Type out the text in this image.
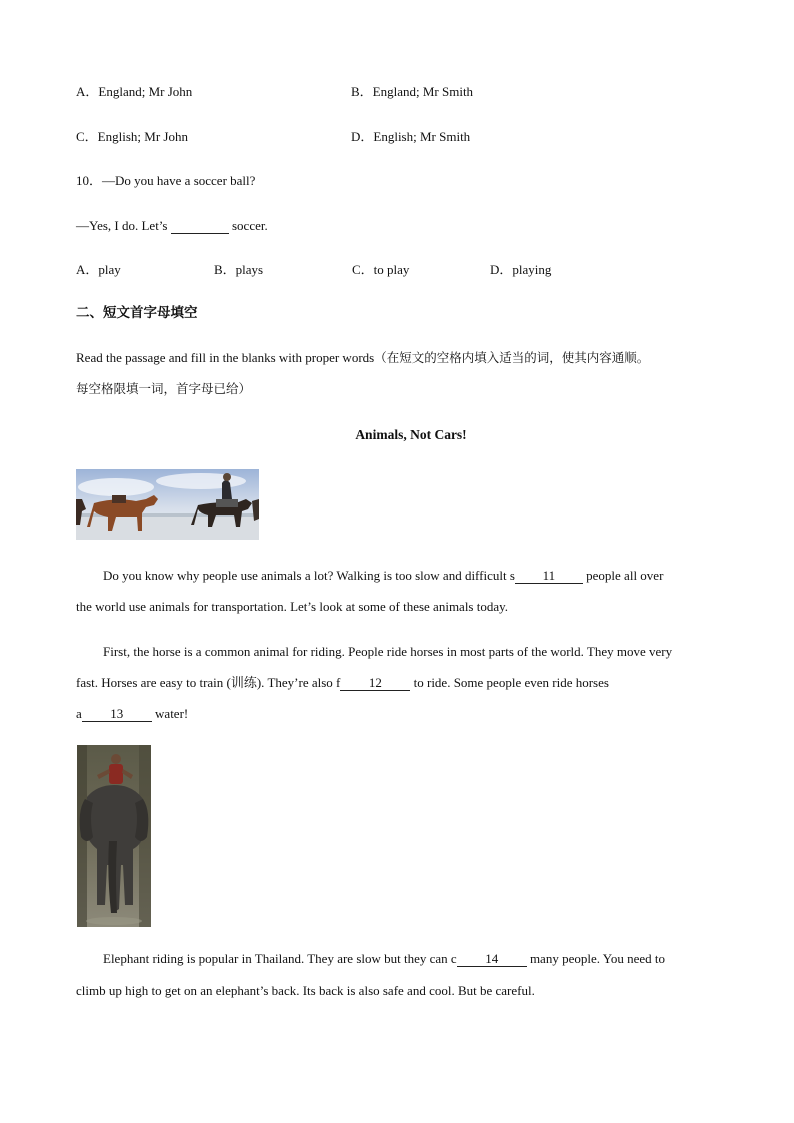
A．England; Mr John	B．England; Mr Smith
C．English; Mr John	D．English; Mr Smith
10．—Do you have a soccer ball?
—Yes, I do. Let’s	soccer.
A．play	B．plays	C．to play	D．playing
二、短文首字母填空
Read the passage and fill in the blanks with proper words（在短文的空格内填入适当的词，使其内容通顺。
每空格限填一词，首字母已给）
Animals, Not Cars!
Do you know why people use animals a lot? Walking is too slow and difficult s 11 people all over
the world use animals for transportation. Let’s look at some of these animals today.
First, the horse is a common animal for riding. People ride horses in most parts of the world. They move very
fast. Horses are easy to train (训练). They’re also f 12 to ride. Some people even ride horses
a 13 water!
Elephant riding is popular in Thailand. They are slow but they can c 14 many people. You need to
climb up high to get on an elephant’s back. Its back is also safe and cool. But be careful.
